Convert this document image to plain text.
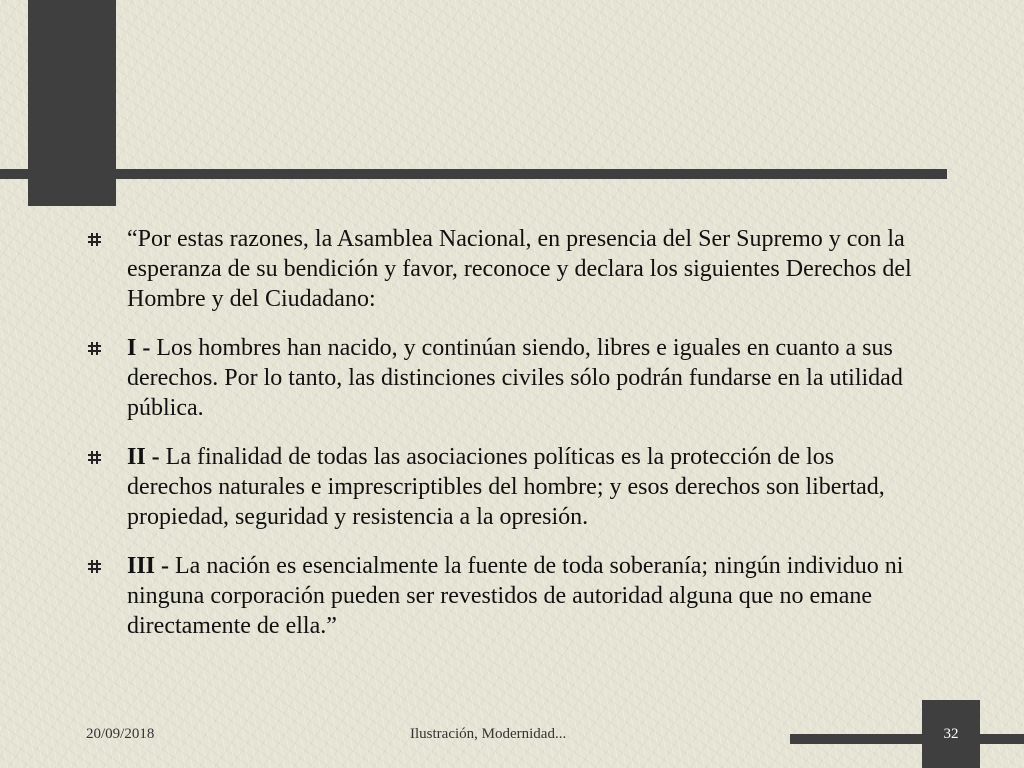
“Por estas razones, la Asamblea Nacional, en presencia del Ser Supremo y con la esperanza de su bendición y favor, reconoce y declara los siguientes Derechos del Hombre y del Ciudadano:
I - Los hombres han nacido, y continúan siendo, libres e iguales en cuanto a sus derechos. Por lo tanto, las distinciones civiles sólo podrán fundarse en la utilidad pública.
II - La finalidad de todas las asociaciones políticas es la protección de los derechos naturales e imprescriptibles del hombre; y esos derechos son libertad, propiedad, seguridad y resistencia a la opresión.
III - La nación es esencialmente la fuente de toda soberanía; ningún individuo ni ninguna corporación pueden ser revestidos de autoridad alguna que no emane directamente de ella.”
20/09/2018	Ilustración, Modernidad...	32
